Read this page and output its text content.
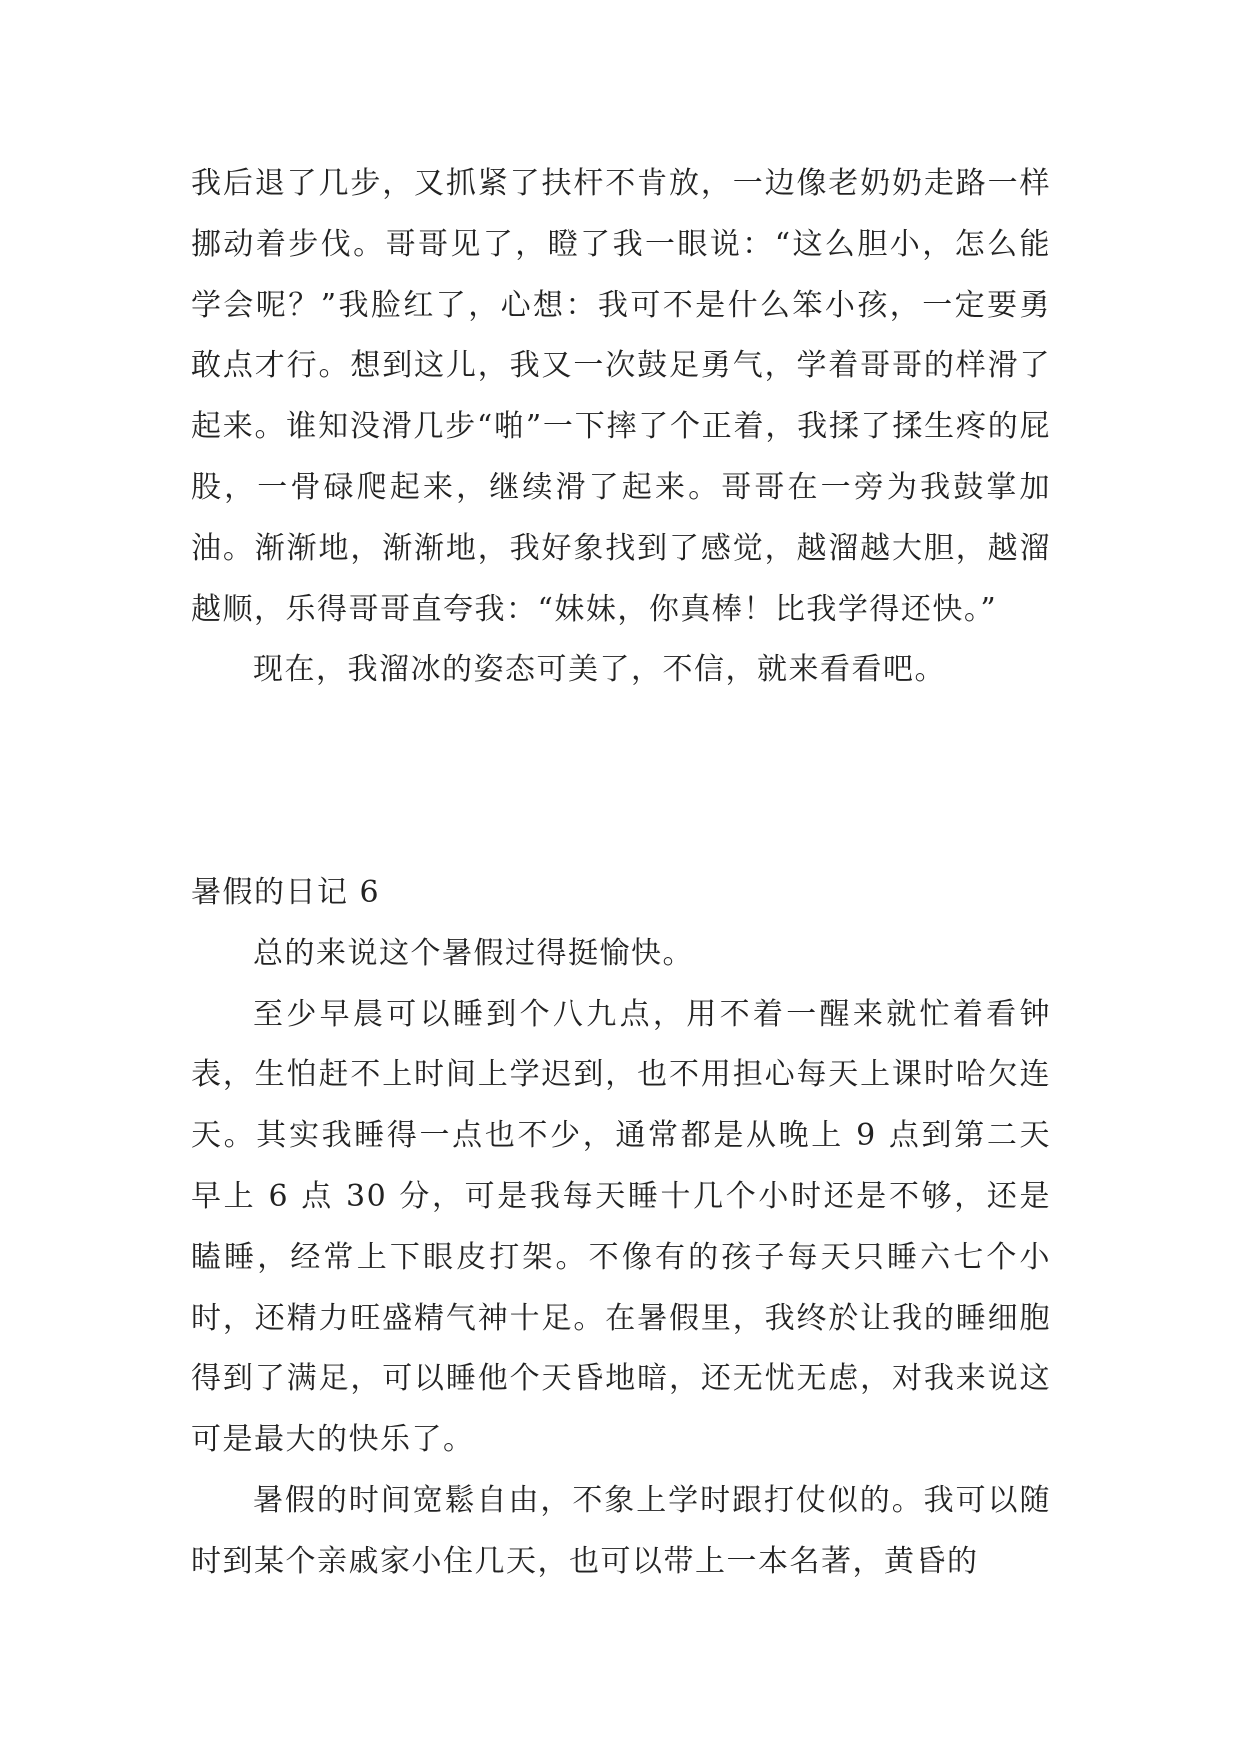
我后退了几步，又抓紧了扶杆不肯放，一边像老奶奶走路一样挪动着步伐。哥哥见了，瞪了我一眼说：“这么胆小，怎么能学会呢？”我脸红了，心想：我可不是什么笨小孩，一定要勇敢点才行。想到这儿，我又一次鼓足勇气，学着哥哥的样滑了起来。谁知没滑几步“啪”一下摔了个正着，我揉了揉生疼的屁股，一骨碌爬起来，继续滑了起来。哥哥在一旁为我鼓掌加油。渐渐地，渐渐地，我好象找到了感觉，越溜越大胆，越溜越顺，乐得哥哥直夸我：“妹妹，你真棒！比我学得还快。”

现在，我溜冰的姿态可美了，不信，就来看看吧。

暑假的日记 6

总的来说这个暑假过得挺愉快。

至少早晨可以睡到个八九点，用不着一醒来就忙着看钟表，生怕赶不上时间上学迟到，也不用担心每天上课时哈欠连天。其实我睡得一点也不少，通常都是从晚上 9 点到第二天早上 6 点 30 分，可是我每天睡十几个小时还是不够，还是瞌睡，经常上下眼皮打架。不像有的孩子每天只睡六七个小时，还精力旺盛精气神十足。在暑假里，我终於让我的睡细胞得到了满足，可以睡他个天昏地暗，还无忧无虑，对我来说这可是最大的快乐了。

暑假的时间宽鬆自由，不象上学时跟打仗似的。我可以随时到某个亲戚家小住几天，也可以带上一本名著，黄昏的
